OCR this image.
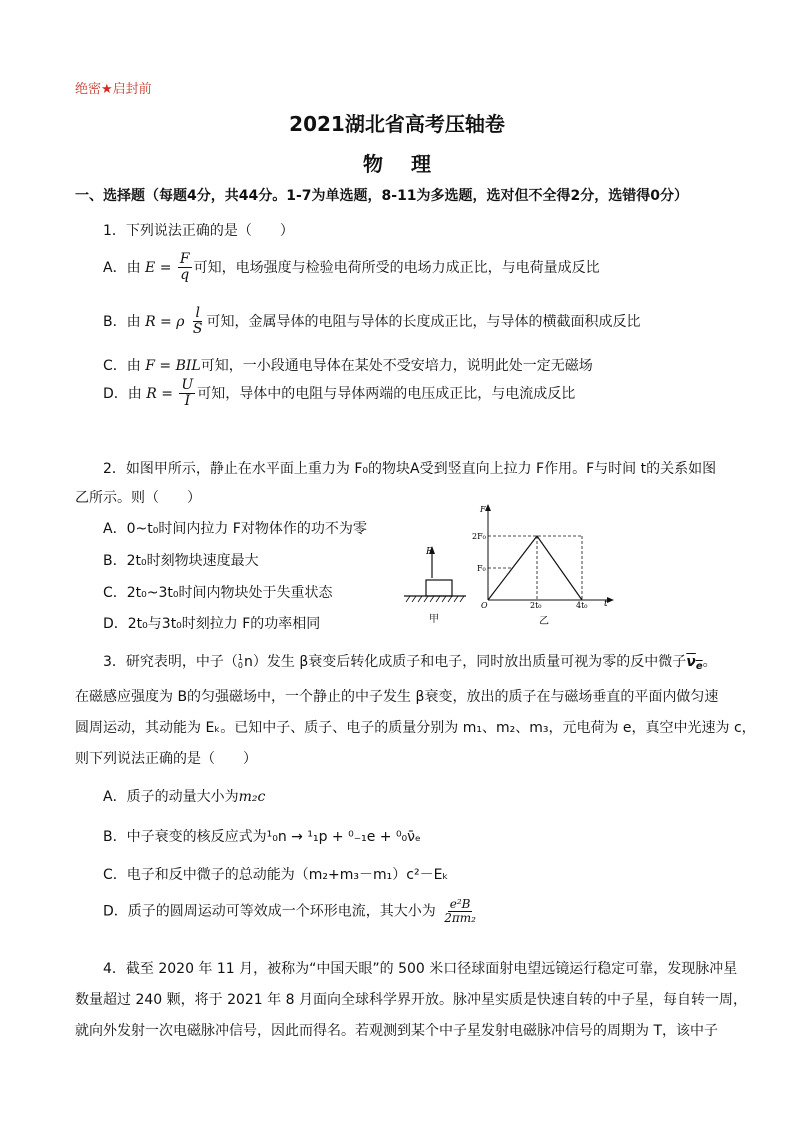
绝密★启封前
2021湖北省高考压轴卷
物理
一、选择题（每题4分，共44分。1-7为单选题，8-11为多选题，选对但不全得2分，选错得0分）
1．下列说法正确的是（　　）
A．由 $E = \frac{F}{q}$ 可知，电场强度与检验电荷所受的电场力成正比，与电荷量成反比
B．由 R = ρ $\frac{l}{S}$ 可知，金属导体的电阻与导体的长度成正比，与导体的横截面积成反比
C．由 F = BIL可知，一小段通电导体在某处不受安培力，说明此处一定无磁场
D．由 $R = \frac{U}{I}$ 可知，导体中的电阻与导体两端的电压成正比，与电流成反比
2．如图甲所示，静止在水平面上重力为 F₀的物块A受到竖直向上拉力 F作用。F与时间 t的关系如图
乙所示。则（　　）
A．0~t₀时间内拉力 F对物体作的功不为零
B．2t₀时刻物块速度最大
C．2t₀~3t₀时间内物块处于失重状态
D．2t₀与3t₀时刻拉力 F的功率相同
F
甲
F
t
2F₀
F₀
O	2t₀	4t₀
乙
3．研究表明，中子（ 1
0 n）发生 β衰变后转化成质子和电子，同时放出质量可视为零的反中微子$\nu_e$。
在磁感应强度为 B的匀强磁场中，一个静止的中子发生 β衰变，放出的质子在与磁场垂直的平面内做匀速
圆周运动，其动能为 Eₖ。已知中子、质子、电子的质量分别为 m₁、m₂、m₃，元电荷为 e，真空中光速为 c，
则下列说法正确的是（　　）
A．质子的动量大小为m₂c
B．中子衰变的核反应式为¹₀n → ¹₁p + ⁰₋₁e + ⁰₀ν̄ₑ
C．电子和反中微子的总动能为（m₂+m₃－m₁）c²－Eₖ
D．质子的圆周运动可等效成一个环形电流，其大小为 $\frac{\text{e²B}}{\text{2πm₂}}$
4．截至 2020 年 11 月，被称为“中国天眼”的 500 米口径球面射电望远镜运行稳定可靠，发现脉冲星
数量超过 240 颗，将于 2021 年 8 月面向全球科学界开放。脉冲星实质是快速自转的中子星，每自转一周，
就向外发射一次电磁脉冲信号，因此而得名。若观测到某个中子星发射电磁脉冲信号的周期为 T，该中子
